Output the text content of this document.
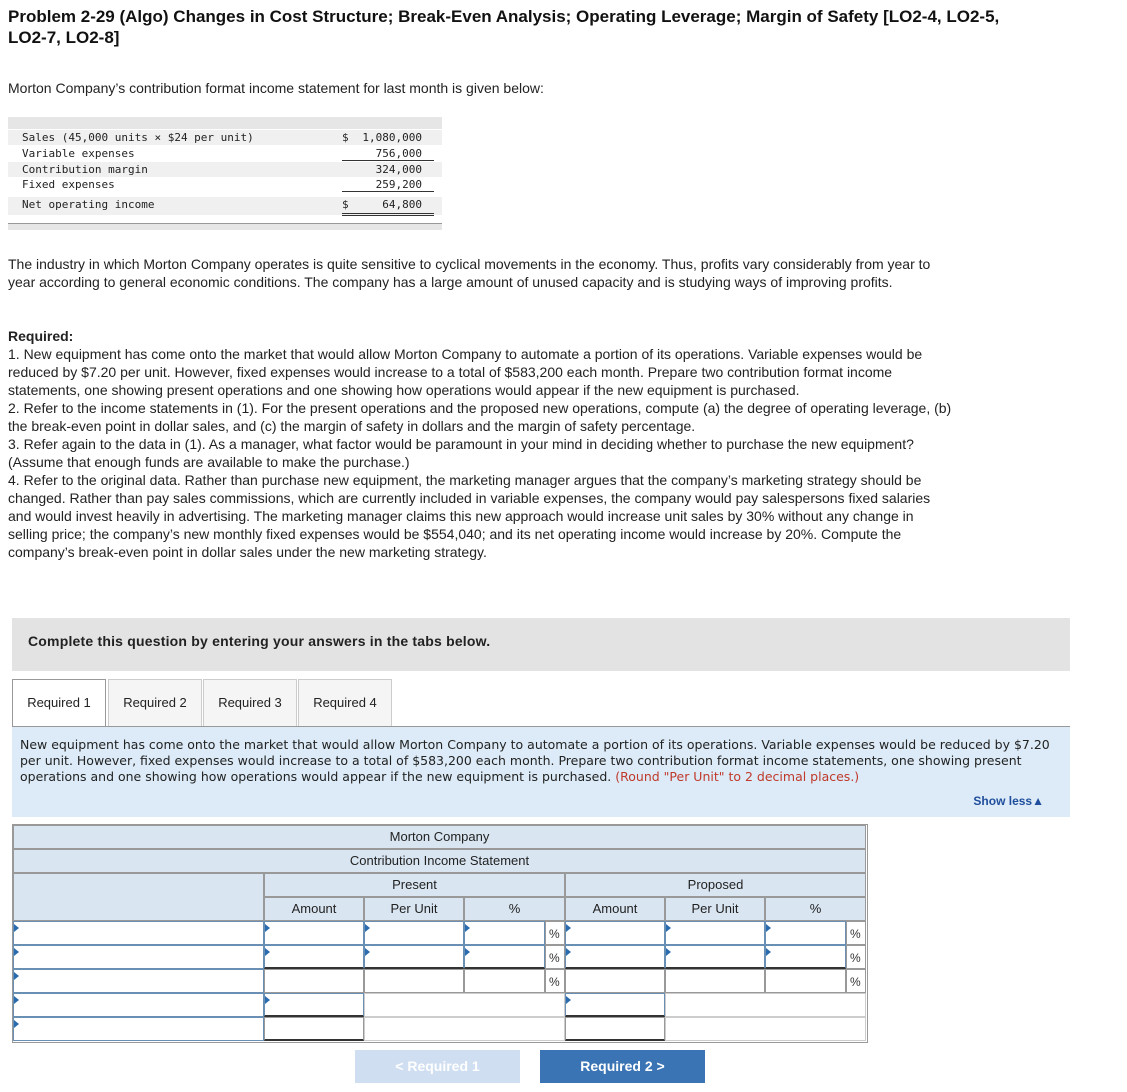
Problem 2-29 (Algo) Changes in Cost Structure; Break-Even Analysis; Operating Leverage; Margin of Safety [LO2-4, LO2-5, LO2-7, LO2-8]
Morton Company’s contribution format income statement for last month is given below:
Sales (45,000 units × $24 per unit)	$ 1,080,000
Variable expenses	756,000
Contribution margin	324,000
Fixed expenses	259,200
Net operating income	$	64,800
The industry in which Morton Company operates is quite sensitive to cyclical movements in the economy. Thus, profits vary considerably from year to year according to general economic conditions. The company has a large amount of unused capacity and is studying ways of improving profits.
Required:
1. New equipment has come onto the market that would allow Morton Company to automate a portion of its operations. Variable expenses would be reduced by $7.20 per unit. However, fixed expenses would increase to a total of $583,200 each month. Prepare two contribution format income statements, one showing present operations and one showing how operations would appear if the new equipment is purchased.
2. Refer to the income statements in (1). For the present operations and the proposed new operations, compute (a) the degree of operating leverage, (b) the break-even point in dollar sales, and (c) the margin of safety in dollars and the margin of safety percentage.
3. Refer again to the data in (1). As a manager, what factor would be paramount in your mind in deciding whether to purchase the new equipment? (Assume that enough funds are available to make the purchase.)
4. Refer to the original data. Rather than purchase new equipment, the marketing manager argues that the company’s marketing strategy should be changed. Rather than pay sales commissions, which are currently included in variable expenses, the company would pay salespersons fixed salaries and would invest heavily in advertising. The marketing manager claims this new approach would increase unit sales by 30% without any change in selling price; the company’s new monthly fixed expenses would be $554,040; and its net operating income would increase by 20%. Compute the company’s break-even point in dollar sales under the new marketing strategy.
Complete this question by entering your answers in the tabs below.
Required 1	Required 2	Required 3	Required 4

New equipment has come onto the market that would allow Morton Company to automate a portion of its operations. Variable expenses would be reduced by $7.20 per unit. However, fixed expenses would increase to a total of $583,200 each month. Prepare two contribution format income statements, one showing present operations and one showing how operations would appear if the new equipment is purchased. (Round "Per Unit" to 2 decimal places.)

Show less▲
Morton Company
Contribution Income Statement
Present	Proposed
Amount	Per Unit	%	Amount	Per Unit	%
%	%
%	%
%	%
< Required 1	Required 2 >
